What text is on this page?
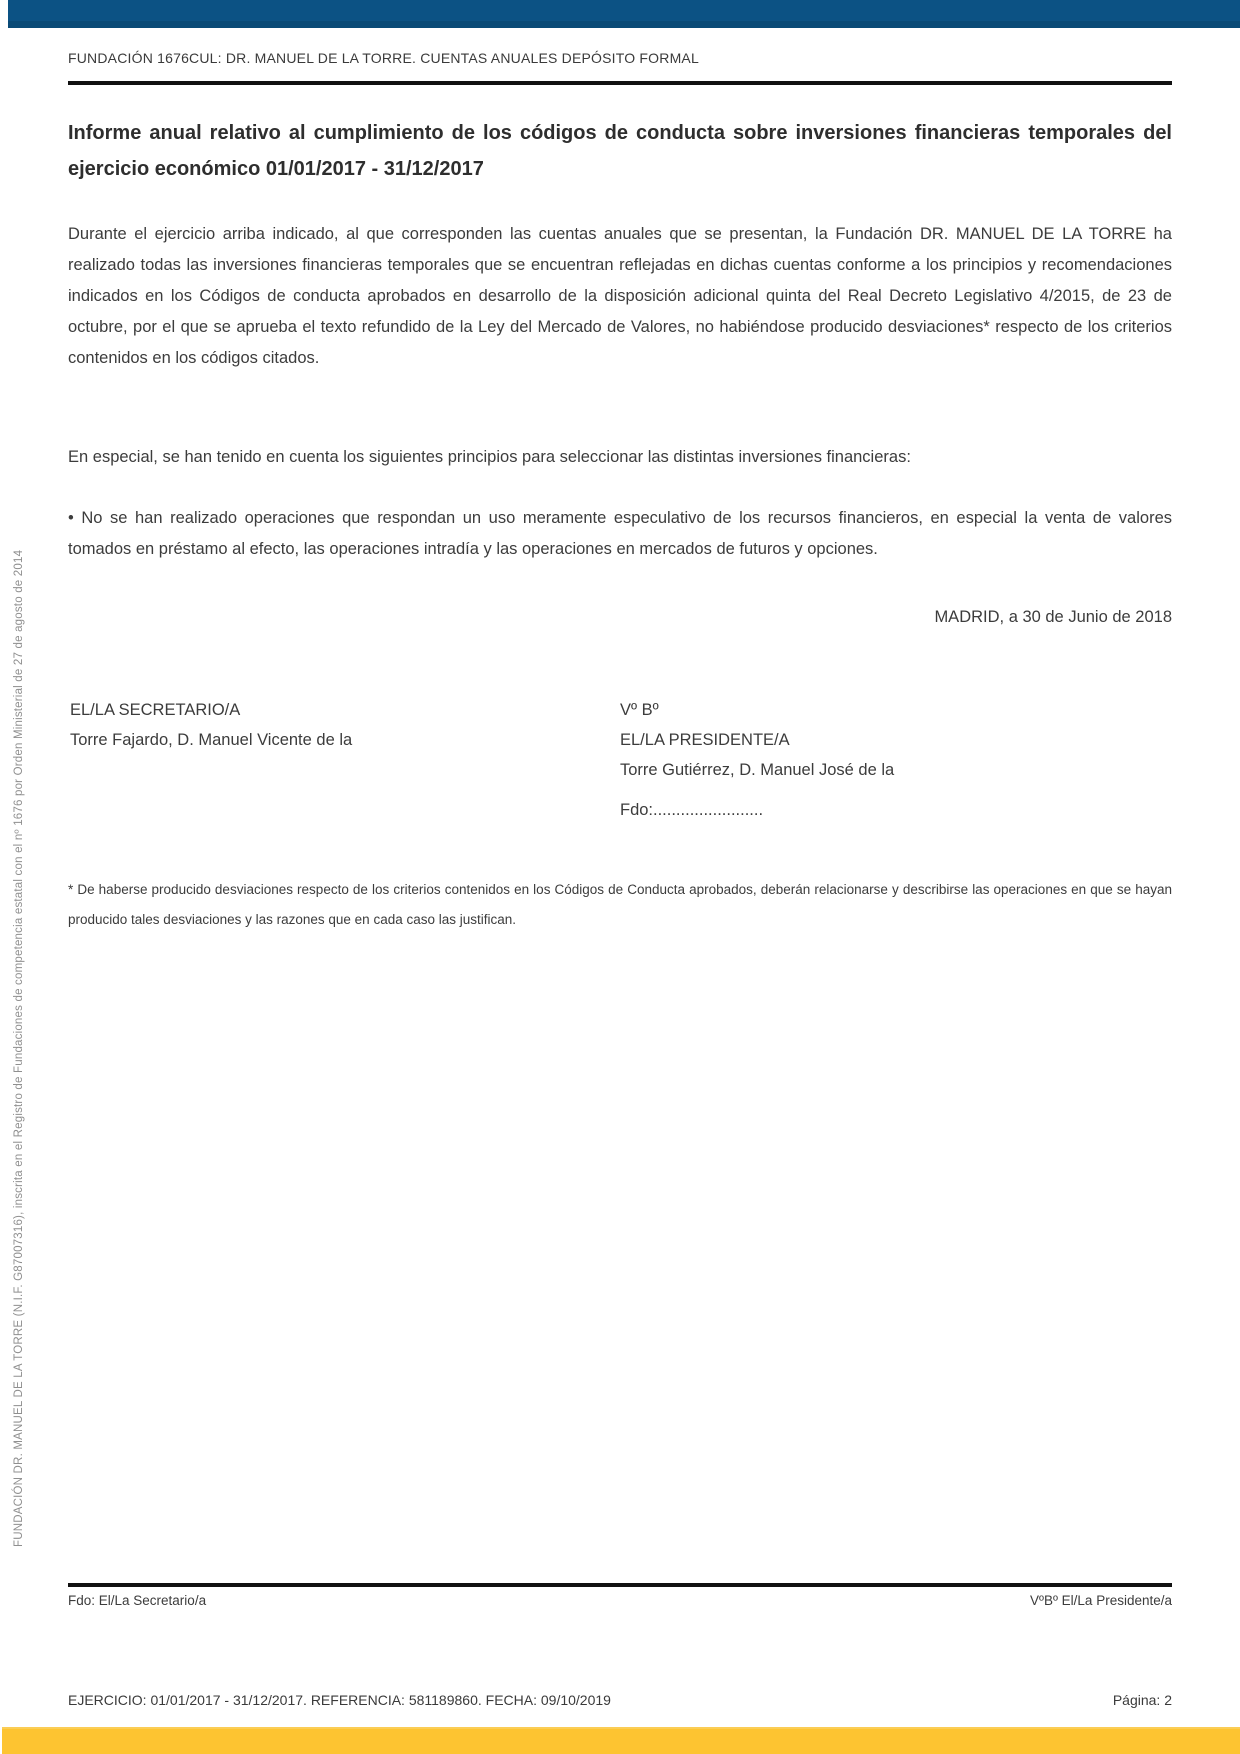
FUNDACIÓN DR. MANUEL DE LA TORRE (N.I.F. G87007316), inscrita en el Registro de Fundaciones de competencia estatal con el nº 1676 por Orden Ministerial de 27 de agosto de 2014
FUNDACIÓN 1676CUL: DR. MANUEL DE LA TORRE. CUENTAS ANUALES DEPÓSITO FORMAL
Informe anual relativo al cumplimiento de los códigos de conducta sobre inversiones financieras temporales del ejercicio económico 01/01/2017 - 31/12/2017

Durante el ejercicio arriba indicado, al que corresponden las cuentas anuales que se presentan, la Fundación DR. MANUEL DE LA TORRE ha realizado todas las inversiones financieras temporales que se encuentran reflejadas en dichas cuentas conforme a los principios y recomendaciones indicados en los Códigos de conducta aprobados en desarrollo de la disposición adicional quinta del Real Decreto Legislativo 4/2015, de 23 de octubre, por el que se aprueba el texto refundido de la Ley del Mercado de Valores, no habiéndose producido desviaciones* respecto de los criterios contenidos en los códigos citados.

En especial, se han tenido en cuenta los siguientes principios para seleccionar las distintas inversiones financieras:

• No se han realizado operaciones que respondan un uso meramente especulativo de los recursos financieros, en especial la venta de valores tomados en préstamo al efecto, las operaciones intradía y las operaciones en mercados de futuros y opciones.

MADRID, a 30 de Junio de 2018
EL/LA SECRETARIO/A
Torre Fajardo, D. Manuel Vicente de la
Vº Bº
EL/LA PRESIDENTE/A
Torre Gutiérrez, D. Manuel José de la
Fdo:........................

* De haberse producido desviaciones respecto de los criterios contenidos en los Códigos de Conducta aprobados, deberán relacionarse y describirse las operaciones en que se hayan producido tales desviaciones y las razones que en cada caso las justifican.

Fdo: El/La Secretario/a	VºBº El/La Presidente/a
EJERCICIO: 01/01/2017 - 31/12/2017. REFERENCIA: 581189860. FECHA: 09/10/2019	Página: 2
